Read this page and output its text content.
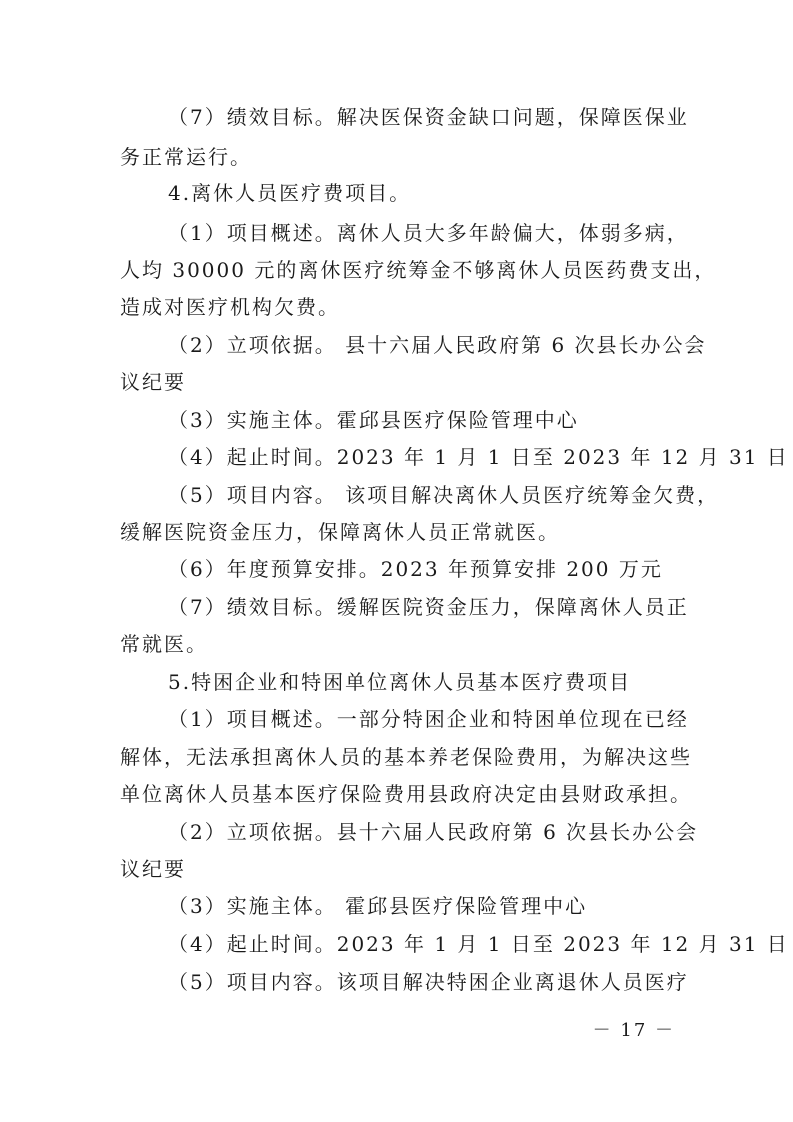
（7）绩效目标。解决医保资金缺口问题，保障医保业
务正常运行。
4.离休人员医疗费项目。
（1）项目概述。离休人员大多年龄偏大，体弱多病，
人均 30000 元的离休医疗统筹金不够离休人员医药费支出，
造成对医疗机构欠费。
（2）立项依据。 县十六届人民政府第 6 次县长办公会
议纪要
（3）实施主体。霍邱县医疗保险管理中心
（4）起止时间。2023 年 1 月 1 日至 2023 年 12 月 31 日
（5）项目内容。 该项目解决离休人员医疗统筹金欠费，
缓解医院资金压力，保障离休人员正常就医。
（6）年度预算安排。2023 年预算安排 200 万元
（7）绩效目标。缓解医院资金压力，保障离休人员正
常就医。
5.特困企业和特困单位离休人员基本医疗费项目
（1）项目概述。一部分特困企业和特困单位现在已经
解体，无法承担离休人员的基本养老保险费用，为解决这些
单位离休人员基本医疗保险费用县政府决定由县财政承担。
（2）立项依据。县十六届人民政府第 6 次县长办公会
议纪要
（3）实施主体。 霍邱县医疗保险管理中心
（4）起止时间。2023 年 1 月 1 日至 2023 年 12 月 31 日
（5）项目内容。该项目解决特困企业离退休人员医疗
－ 17 －
